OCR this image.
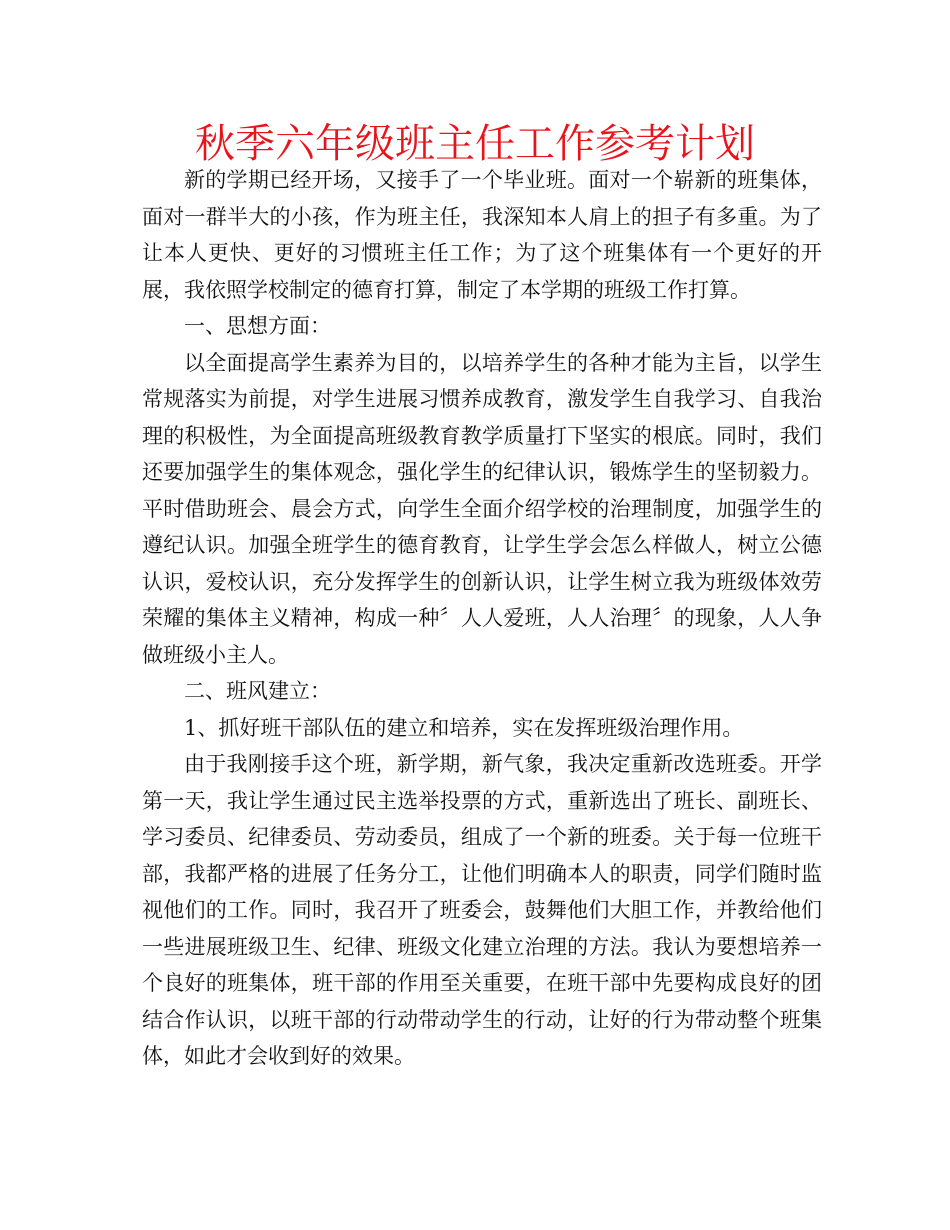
秋季六年级班主任工作参考计划

新的学期已经开场，又接手了一个毕业班。面对一个崭新的班集体，面对一群半大的小孩，作为班主任，我深知本人肩上的担子有多重。为了让本人更快、更好的习惯班主任工作；为了这个班集体有一个更好的开展，我依照学校制定的德育打算，制定了本学期的班级工作打算。

一、思想方面：

以全面提高学生素养为目的，以培养学生的各种才能为主旨，以学生常规落实为前提，对学生进展习惯养成教育，激发学生自我学习、自我治理的积极性，为全面提高班级教育教学质量打下坚实的根底。同时，我们还要加强学生的集体观念，强化学生的纪律认识，锻炼学生的坚韧毅力。平时借助班会、晨会方式，向学生全面介绍学校的治理制度，加强学生的遵纪认识。加强全班学生的德育教育，让学生学会怎么样做人，树立公德认识，爱校认识，充分发挥学生的创新认识，让学生树立我为班级体效劳荣耀的集体主义精神，构成一种〞人人爱班，人人治理〞的现象，人人争做班级小主人。

二、班风建立：

1、抓好班干部队伍的建立和培养，实在发挥班级治理作用。

由于我刚接手这个班，新学期，新气象，我决定重新改选班委。开学第一天，我让学生通过民主选举投票的方式，重新选出了班长、副班长、学习委员、纪律委员、劳动委员，组成了一个新的班委。关于每一位班干部，我都严格的进展了任务分工，让他们明确本人的职责，同学们随时监视他们的工作。同时，我召开了班委会，鼓舞他们大胆工作，并教给他们一些进展班级卫生、纪律、班级文化建立治理的方法。我认为要想培养一个良好的班集体，班干部的作用至关重要，在班干部中先要构成良好的团结合作认识，以班干部的行动带动学生的行动，让好的行为带动整个班集体，如此才会收到好的效果。
